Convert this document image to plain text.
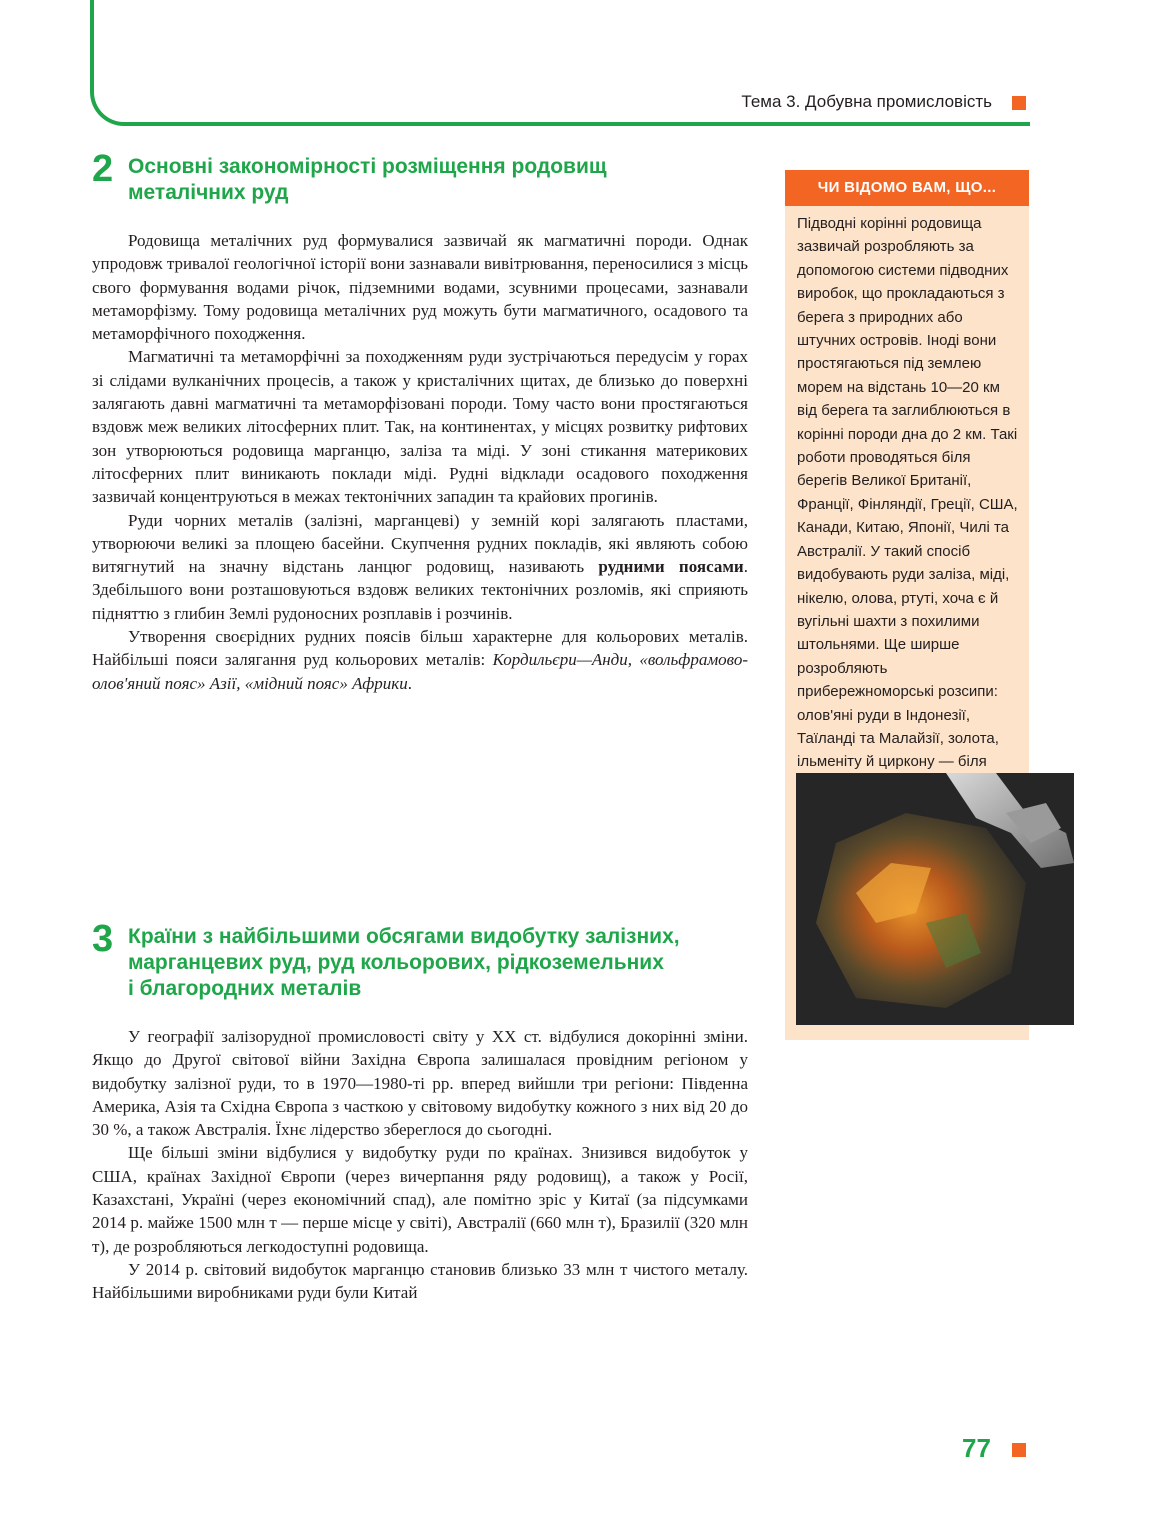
Тема 3. Добувна промисловість
2 Основні закономірності розміщення родовищ
металічних руд

Родовища металічних руд формувалися зазвичай як магматичні породи. Однак упродовж тривалої геологічної історії вони зазнавали вивітрювання, переносилися з місць свого формування водами річок, підземними водами, зсувними процесами, зазнавали метаморфізму. Тому родовища металічних руд можуть бути магматичного, осадового та метаморфічного походження.

Магматичні та метаморфічні за походженням руди зустрічаються передусім у горах зі слідами вулканічних процесів, а також у кристалічних щитах, де близько до поверхні залягають давні магматичні та метаморфізовані породи. Тому часто вони простягаються вздовж меж великих літосферних плит. Так, на континентах, у місцях розвитку рифтових зон утворюються родовища марганцю, заліза та міді. У зоні стикання материкових літосферних плит виникають поклади міді. Рудні відклади осадового походження зазвичай концентруються в межах тектонічних западин та крайових прогинів.

Руди чорних металів (залізні, марганцеві) у земній корі залягають пластами, утворюючи великі за площею басейни. Скупчення рудних покладів, які являють собою витягнутий на значну відстань ланцюг родовищ, називають рудними поясами. Здебільшого вони розташовуються вздовж великих тектонічних розломів, які сприяють підняттю з глибин Землі рудоносних розплавів і розчинів.

Утворення своєрідних рудних поясів більш характерне для кольорових металів. Найбільші пояси залягання руд кольорових металів: Кордильєри—Анди, «вольфрамово-олов'яний пояс» Азії, «мідний пояс» Африки.

3 Країни з найбільшими обсягами видобутку залізних,
марганцевих руд, руд кольорових, рідкоземельних
і благородних металів

У географії залізорудної промисловості світу у XX ст. відбулися докорінні зміни. Якщо до Другої світової війни Західна Європа залишалася провідним регіоном у видобутку залізної руди, то в 1970—1980-ті рр. вперед вийшли три регіони: Південна Америка, Азія та Східна Європа з часткою у світовому видобутку кожного з них від 20 до 30 %, а також Австралія. Їхнє лідерство збереглося до сьогодні.

Ще більші зміни відбулися у видобутку руди по країнах. Знизився видобуток у США, країнах Західної Європи (через вичерпання ряду родовищ), а також у Росії, Казахстані, Україні (через економічний спад), але помітно зріс у Китаї (за підсумками 2014 р. майже 1500 млн т — перше місце у світі), Австралії (660 млн т), Бразилії (320 млн т), де розробляються легкодоступні родовища.

У 2014 р. світовий видобуток марганцю становив близько 33 млн т чистого металу. Найбільшими виробниками руди були Китай

ЧИ ВІДОМО ВАМ, ЩО...
Підводні корінні родовища зазвичай розробляють за допомогою системи підводних виробок, що прокладаються з берега з природних або штучних островів. Іноді вони простягаються під землею морем на відстань 10—20 км від берега та заглиблюються в корінні породи дна до 2 км. Такі роботи проводяться біля берегів Великої Британії, Франції, Фінляндії, Греції, США, Канади, Китаю, Японії, Чилі та Австралії. У такий спосіб видобувають руди заліза, міді, нікелю, олова, ртуті, хоча є й вугільні шахти з похилими штольнями. Ще ширше розробляють прибережноморські розсипи: олов'яні руди в Індонезії, Таїланді та Малайзії, золота, ільменіту й циркону — біля
77
